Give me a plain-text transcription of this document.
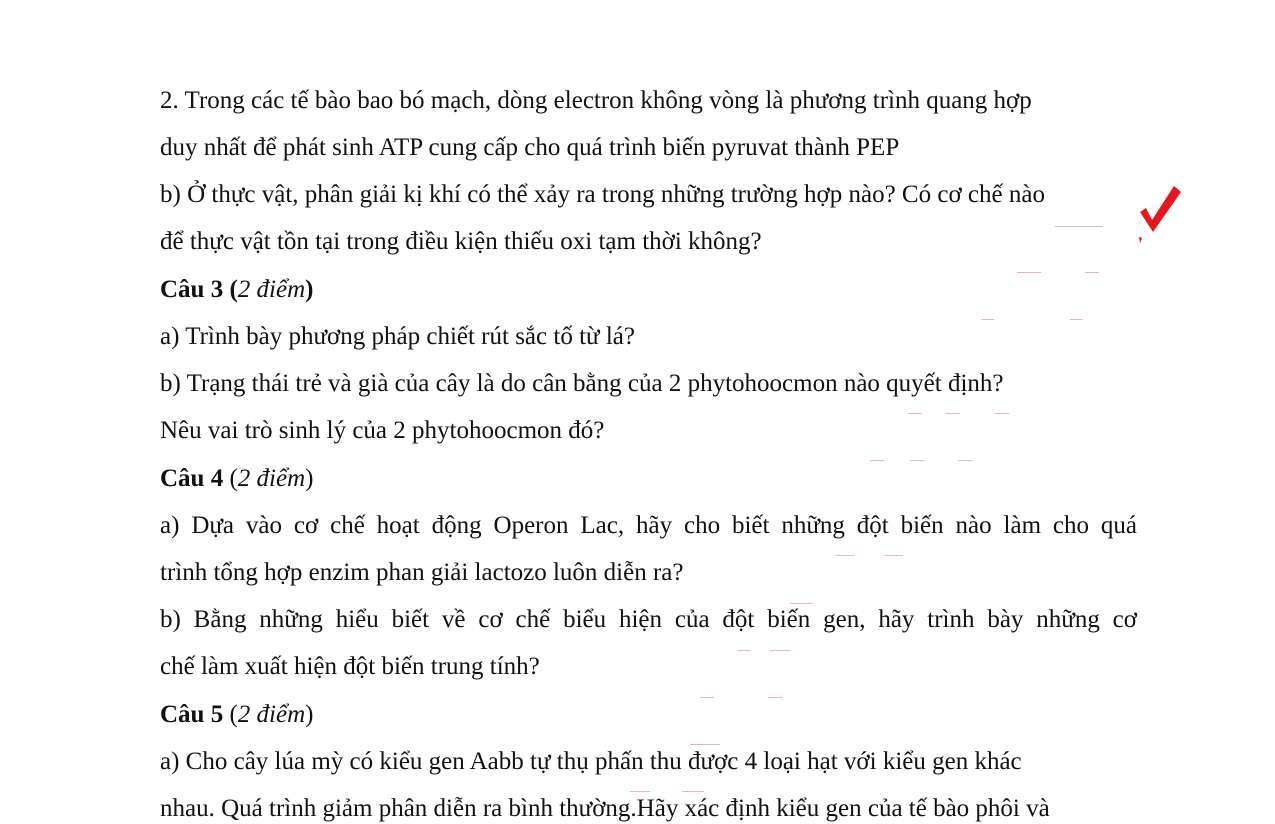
2. Trong các tế bào bao bó mạch, dòng electron không vòng là phương trình quang hợp
duy nhất để phát sinh ATP cung cấp cho quá trình biến pyruvat thành PEP
b) Ở thực vật, phân giải kị khí có thể xảy ra trong những trường hợp nào? Có cơ chế nào
để thực vật tồn tại trong điều kiện thiếu oxi tạm thời không?
Câu 3 (2 điểm)
a) Trình bày phương pháp chiết rút sắc tố từ lá?
b) Trạng thái trẻ và già của cây là do cân bằng của 2 phytohoocmon nào quyết định?
Nêu vai trò sinh lý của 2 phytohoocmon đó?
Câu 4 (2 điểm)
a) Dựa vào cơ chế hoạt động Operon Lac, hãy cho biết những đột biến nào làm cho quá
trình tổng hợp enzim phan giải lactozo luôn diễn ra?
b) Bằng những hiểu biết về cơ chế biểu hiện của đột biến gen, hãy trình bày những cơ
chế làm xuất hiện đột biến trung tính?
Câu 5 (2 điểm)
a) Cho cây lúa mỳ có kiểu gen Aabb tự thụ phấn thu được 4 loại hạt với kiểu gen khác
nhau. Quá trình giảm phân diễn ra bình thường.Hãy xác định kiểu gen của tế bào phôi và
